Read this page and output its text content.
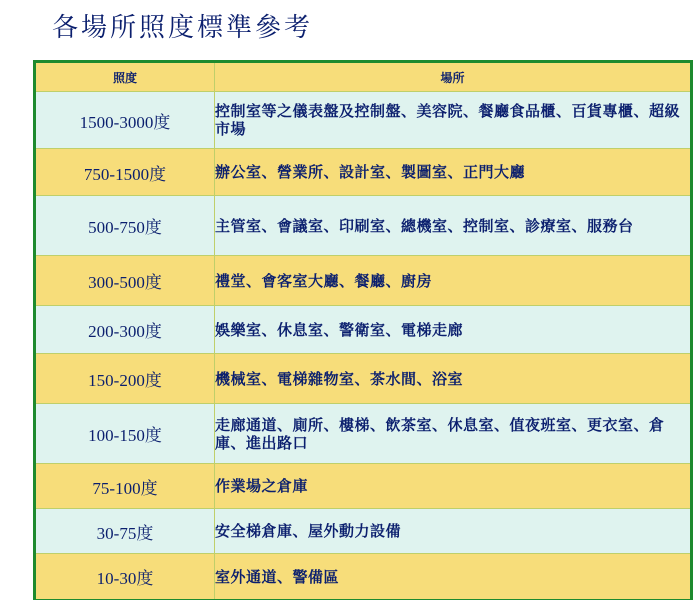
各場所照度標準參考
照度	場所
1500-3000度	控制室等之儀表盤及控制盤、美容院、餐廳食品櫃、百貨專櫃、超級市場
750-1500度	辦公室、營業所、設計室、製圖室、正門大廳
500-750度	主管室、會議室、印刷室、總機室、控制室、診療室、服務台
300-500度	禮堂、會客室大廳、餐廳、廚房
200-300度	娛樂室、休息室、警衛室、電梯走廊
150-200度	機械室、電梯雜物室、茶水間、浴室
100-150度	走廊通道、廁所、樓梯、飲茶室、休息室、值夜班室、更衣室、倉庫、進出路口
75-100度	作業場之倉庫
30-75度	安全梯倉庫、屋外動力設備
10-30度	室外通道、警備區
